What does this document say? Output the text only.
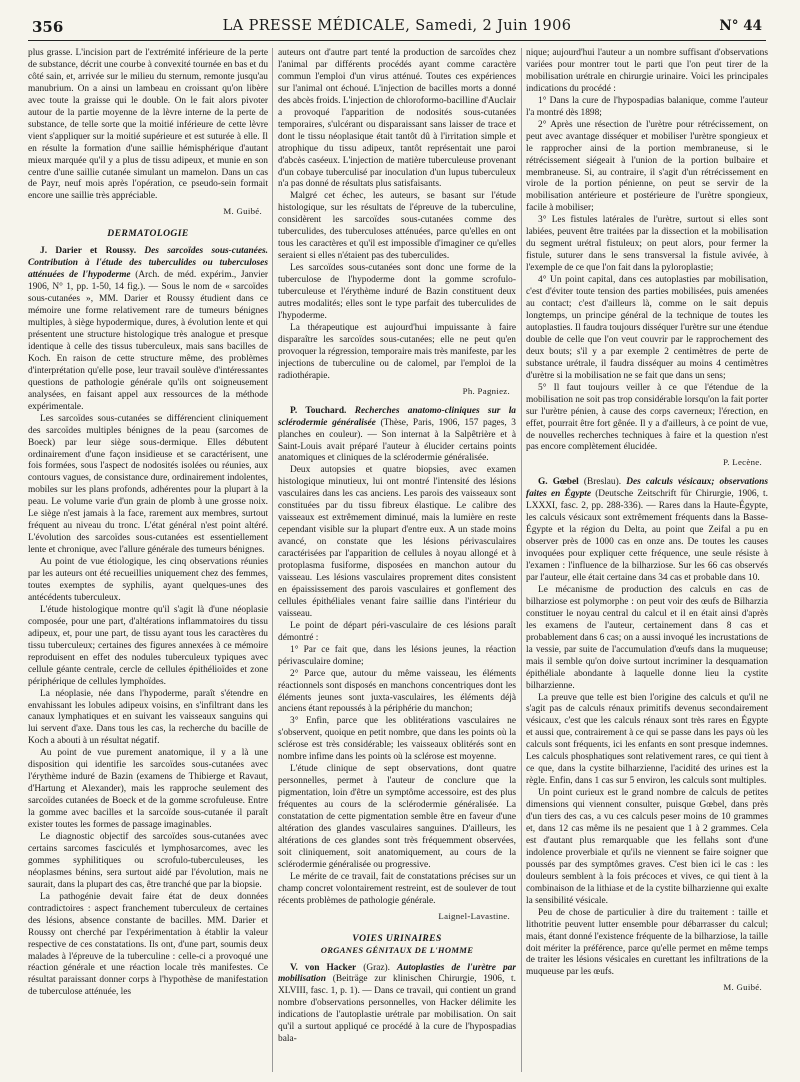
356	LA PRESSE MÉDICALE, Samedi, 2 Juin 1906	N° 44

plus grasse. L'incision part de l'extrémité inférieure de la perte de substance, décrit une courbe à convexité tournée en bas et du côté sain, et, arrivée sur le milieu du sternum, remonte jusqu'au manubrium. On a ainsi un lambeau en croissant qu'on libère avec toute la graisse qui le double. On le fait alors pivoter autour de la partie moyenne de la lèvre interne de la perte de substance, de telle sorte que la moitié inférieure de cette lèvre vient s'appliquer sur la moitié supérieure et est suturée à elle. Il en résulte la formation d'une saillie hémisphérique d'autant mieux marquée qu'il y a plus de tissu adipeux, et munie en son centre d'une saillie cutanée simulant un mamelon. Dans un cas de Payr, neuf mois après l'opération, ce pseudo-sein formait encore une saillie très appréciable.

M. Guibé.
DERMATOLOGIE

J. Darier et Roussy. Des sarcoïdes sous-cutanées. Contribution à l'étude des tuberculides ou tuberculoses atténuées de l'hypoderme (Arch. de méd. expérim., Janvier 1906, N° 1, pp. 1-50, 14 fig.). — Sous le nom de « sarcoïdes sous-cutanées », MM. Darier et Roussy étudient dans ce mémoire une forme relativement rare de tumeurs bénignes multiples, à siège hypodermique, dures, à évolution lente et qui présentent une structure histologique très analogue et presque identique à celle des tissus tuberculeux, mais sans bacilles de Koch. En raison de cette structure même, des problèmes d'interprétation qu'elle pose, leur travail soulève d'intéressantes questions de pathologie générale qu'ils ont soigneusement analysées, en faisant appel aux ressources de la méthode expérimentale.

Les sarcoïdes sous-cutanées se différencient cliniquement des sarcoïdes multiples bénignes de la peau (sarcomes de Boeck) par leur siège sous-dermique. Elles débutent ordinairement d'une façon insidieuse et se caractérisent, une fois formées, sous l'aspect de nodosités isolées ou réunies, aux contours vagues, de consistance dure, ordinairement indolentes, mobiles sur les plans profonds, adhérentes pour la plupart à la peau. Le volume varie d'un grain de plomb à une grosse noix. Le siège n'est jamais à la face, rarement aux membres, surtout fréquent au niveau du tronc. L'état général n'est point altéré. L'évolution des sarcoïdes sous-cutanées est essentiellement lente et chronique, avec l'allure générale des tumeurs bénignes.

Au point de vue étiologique, les cinq observations réunies par les auteurs ont été recueillies uniquement chez des femmes, toutes exemptes de syphilis, ayant quelques-unes des antécédents tuberculeux.

L'étude histologique montre qu'il s'agit là d'une néoplasie composée, pour une part, d'altérations inflammatoires du tissu adipeux, et, pour une part, de tissu ayant tous les caractères du tissu tuberculeux; certaines des figures annexées à ce mémoire reproduisent en effet des nodules tuberculeux typiques avec cellule géante centrale, cercle de cellules épithélioïdes et zone périphérique de cellules lymphoïdes.

La néoplasie, née dans l'hypoderme, paraît s'étendre en envahissant les lobules adipeux voisins, en s'infiltrant dans les canaux lymphatiques et en suivant les vaisseaux sanguins qui lui servent d'axe. Dans tous les cas, la recherche du bacille de Koch a abouti à un résultat négatif.

Au point de vue purement anatomique, il y a là une disposition qui identifie les sarcoïdes sous-cutanées avec l'érythème induré de Bazin (examens de Thibierge et Ravaut, d'Hartung et Alexander), mais les rapproche seulement des sarcoïdes cutanées de Boeck et de la gomme scrofuleuse. Entre la gomme avec bacilles et la sarcoïde sous-cutanée il paraît exister toutes les formes de passage imaginables.

Le diagnostic objectif des sarcoïdes sous-cutanées avec certains sarcomes fasciculés et lymphosarcomes, avec les gommes syphilitiques ou scrofulo-tuberculeuses, les néoplasmes bénins, sera surtout aidé par l'évolution, mais ne saurait, dans la plupart des cas, être tranché que par la biopsie.

La pathogénie devait faire état de deux données contradictoires : aspect franchement tuberculeux de certaines des lésions, absence constante de bacilles. MM. Darier et Roussy ont cherché par l'expérimentation à établir la valeur respective de ces constatations. Ils ont, d'une part, soumis deux malades à l'épreuve de la tuberculine : celle-ci a provoqué une réaction générale et une réaction locale très manifestes. Ce résultat paraissant donner corps à l'hypothèse de manifestation de tuberculose atténuée, les

auteurs ont d'autre part tenté la production de sarcoïdes chez l'animal par différents procédés ayant comme caractère commun l'emploi d'un virus atténué. Toutes ces expériences sur l'animal ont échoué. L'injection de bacilles morts a donné des abcès froids. L'injection de chloroformo-bacilline d'Auclair a provoqué l'apparition de nodosités sous-cutanées temporaires, s'ulcérant ou disparaissant sans laisser de trace et dont le tissu néoplasique était tantôt dû à l'irritation simple et atrophique du tissu adipeux, tantôt représentait une paroi d'abcès caséeux. L'injection de matière tuberculeuse provenant d'un cobaye tuberculisé par inoculation d'un lupus tuberculeux n'a pas donné de résultats plus satisfaisants.

Malgré cet échec, les auteurs, se basant sur l'étude histologique, sur les résultats de l'épreuve de la tuberculine, considèrent les sarcoïdes sous-cutanées comme des tuberculides, des tuberculoses atténuées, parce qu'elles en ont tous les caractères et qu'il est impossible d'imaginer ce qu'elles seraient si elles n'étaient pas des tuberculides.

Les sarcoïdes sous-cutanées sont donc une forme de la tuberculose de l'hypoderme dont la gomme scrofulo-tuberculeuse et l'érythème induré de Bazin constituent deux autres modalités; elles sont le type parfait des tuberculides de l'hypoderme.

La thérapeutique est aujourd'hui impuissante à faire disparaître les sarcoïdes sous-cutanées; elle ne peut qu'en provoquer la régression, temporaire mais très manifeste, par les injections de tuberculine ou de calomel, par l'emploi de la radiothérapie.

Ph. Pagniez.

P. Touchard. Recherches anatomo-cliniques sur la sclérodermie généralisée (Thèse, Paris, 1906, 157 pages, 3 planches en couleur). — Son internat à la Salpêtrière et à Saint-Louis avait préparé l'auteur à élucider certains points anatomiques et cliniques de la sclérodermie généralisée.

Deux autopsies et quatre biopsies, avec examen histologique minutieux, lui ont montré l'intensité des lésions vasculaires dans les cas anciens. Les parois des vaisseaux sont constituées par du tissu fibreux élastique. Le calibre des vaisseaux est extrêmement diminué, mais la lumière en reste cependant visible sur la plupart d'entre eux. A un stade moins avancé, on constate que les lésions périvasculaires caractérisées par l'apparition de cellules à noyau allongé et à protoplasma fusiforme, disposées en manchon autour du vaisseau. Les lésions vasculaires proprement dites consistent en épaississement des parois vasculaires et gonflement des cellules épithéliales venant faire saillie dans l'intérieur du vaisseau.

Le point de départ péri-vasculaire de ces lésions paraît démontré :

1° Par ce fait que, dans les lésions jeunes, la réaction périvasculaire domine;

2° Parce que, autour du même vaisseau, les éléments réactionnels sont disposés en manchons concentriques dont les éléments jeunes sont juxta-vasculaires, les éléments déjà anciens étant repoussés à la périphérie du manchon;

3° Enfin, parce que les oblitérations vasculaires ne s'observent, quoique en petit nombre, que dans les points où la sclérose est très considérable; les vaisseaux oblitérés sont en nombre infime dans les points où la sclérose est moyenne.

L'étude clinique de sept observations, dont quatre personnelles, permet à l'auteur de conclure que la pigmentation, loin d'être un symptôme accessoire, est des plus fréquentes au cours de la sclérodermie généralisée. La constatation de cette pigmentation semble être en faveur d'une altération des glandes vasculaires sanguines. D'ailleurs, les altérations de ces glandes sont très fréquemment observées, soit cliniquement, soit anatomiquement, au cours de la sclérodermie généralisée ou progressive.

Le mérite de ce travail, fait de constatations précises sur un champ concret volontairement restreint, est de soulever de tout récents problèmes de pathologie générale.

Laignel-Lavastine.
VOIES URINAIRES
ORGANES GÉNITAUX DE L'HOMME

V. von Hacker (Graz). Autoplasties de l'urètre par mobilisation (Beiträge zur klinischen Chirurgie, 1906, t. XLVIII, fasc. 1, p. 1). — Dans ce travail, qui contient un grand nombre d'observations personnelles, von Hacker délimite les indications de l'autoplastie urétrale par mobilisation. On sait qu'il a surtout appliqué ce procédé à la cure de l'hypospadias bala-

nique; aujourd'hui l'auteur a un nombre suffisant d'observations variées pour montrer tout le parti que l'on peut tirer de la mobilisation urétrale en chirurgie urinaire. Voici les principales indications du procédé :

1° Dans la cure de l'hypospadias balanique, comme l'auteur l'a montré dès 1898;

2° Après une résection de l'urètre pour rétrécissement, on peut avec avantage disséquer et mobiliser l'urètre spongieux et le rapprocher ainsi de la portion membraneuse, si le rétrécissement siégeait à l'union de la portion bulbaire et membraneuse. Si, au contraire, il s'agit d'un rétrécissement en virole de la portion pénienne, on peut se servir de la mobilisation antérieure et postérieure de l'urètre spongieux, facile à mobiliser;

3° Les fistules latérales de l'urètre, surtout si elles sont labiées, peuvent être traitées par la dissection et la mobilisation du segment urétral fistuleux; on peut alors, pour fermer la fistule, suturer dans le sens transversal la fistule avivée, à l'exemple de ce que l'on fait dans la pyloroplastie;

4° Un point capital, dans ces autoplasties par mobilisation, c'est d'éviter toute tension des parties mobilisées, puis amenées au contact; c'est d'ailleurs là, comme on le sait depuis longtemps, un principe général de la technique de toutes les autoplasties. Il faudra toujours disséquer l'urètre sur une étendue double de celle que l'on veut couvrir par le rapprochement des deux bouts; s'il y a par exemple 2 centimètres de perte de substance urétrale, il faudra disséquer au moins 4 centimètres d'urètre si la mobilisation ne se fait que dans un sens;

5° Il faut toujours veiller à ce que l'étendue de la mobilisation ne soit pas trop considérable lorsqu'on la fait porter sur l'urètre pénien, à cause des corps caverneux; l'érection, en effet, pourrait être fort gênée. Il y a d'ailleurs, à ce point de vue, de nouvelles recherches techniques à faire et la question n'est pas encore complètement élucidée.

P. Lecène.

G. Gœbel (Breslau). Des calculs vésicaux; observations faites en Égypte (Deutsche Zeitschrift für Chirurgie, 1906, t. LXXXI, fasc. 2, pp. 288-336). — Rares dans la Haute-Égypte, les calculs vésicaux sont extrêmement fréquents dans la Basse-Égypte et la région du Delta, au point que Zeifal a pu en observer près de 1000 cas en onze ans. De toutes les causes invoquées pour expliquer cette fréquence, une seule résiste à l'examen : l'influence de la bilharziose. Sur les 66 cas observés par l'auteur, elle était certaine dans 34 cas et probable dans 10.

Le mécanisme de production des calculs en cas de bilharziose est polymorphe : on peut voir des œufs de Bilharzia constituer le noyau central du calcul et il en était ainsi d'après les examens de l'auteur, certainement dans 8 cas et probablement dans 6 cas; on a aussi invoqué les incrustations de la vessie, par suite de l'accumulation d'œufs dans la muqueuse; mais il semble qu'on doive surtout incriminer la desquamation épithéliale abondante à laquelle donne lieu la cystite bilharzienne.

La preuve que telle est bien l'origine des calculs et qu'il ne s'agit pas de calculs rénaux primitifs devenus secondairement vésicaux, c'est que les calculs rénaux sont très rares en Égypte et aussi que, contrairement à ce qui se passe dans les pays où les calculs sont fréquents, ici les enfants en sont presque indemnes. Les calculs phosphatiques sont relativement rares, ce qui tient à ce que, dans la cystite bilharzienne, l'acidité des urines est la règle. Enfin, dans 1 cas sur 5 environ, les calculs sont multiples.

Un point curieux est le grand nombre de calculs de petites dimensions qui viennent consulter, puisque Gœbel, dans près d'un tiers des cas, a vu ces calculs peser moins de 10 grammes et, dans 12 cas même ils ne pesaient que 1 à 2 grammes. Cela est d'autant plus remarquable que les fellahs sont d'une indolence proverbiale et qu'ils ne viennent se faire soigner que poussés par des symptômes graves. C'est bien ici le cas : les douleurs semblent à la fois précoces et vives, ce qui tient à la combinaison de la lithiase et de la cystite bilharzienne qui exalte la sensibilité vésicale.

Peu de chose de particulier à dire du traitement : taille et lithotritie peuvent lutter ensemble pour débarrasser du calcul; mais, étant donné l'existence fréquente de la bilharziose, la taille doit mériter la préférence, parce qu'elle permet en même temps de traiter les lésions vésicales en curettant les infiltrations de la muqueuse par les œufs.

M. Guibé.
